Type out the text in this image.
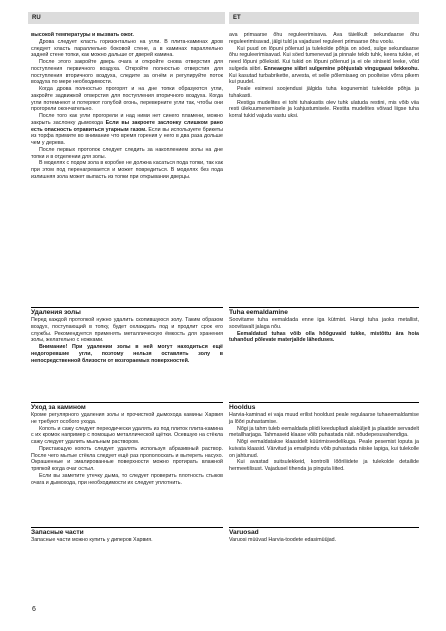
RU	ET

высокой температуры и вызвать ожог.

Дрова следует класть горизонтально на угли. В плита-каминах дров следует класть параллельно боковой стене, а в каминах параллельно задней стене топки, как можно дальше от дверей камина.

После этого закройте дверь очага и откройте снова отверстия для поступления первичного воздуха. Откройте полностью отверстия для поступления вторичного воздуха, следите за огнём и регулируйте поток воздуха по мере необходимости.

Когда дрова полностью прогорят и на дне топки образуются угли, закройте задвижкой отверстия для поступления вторичного воздуха. Когда угли потемнеют и потеряют голубой огонь, переверните угли так, чтобы они прогорели окончательно.

После того как угли прогорели и над ними нет синего пламени, можно закрыть заслонку дымохода Если вы закроете заслонку слишком рано есть опасность отравиться угарным газом. Если вы используете брикеты из торфа примите во внимание что время горения у него в два раза дольше чем у дерева.

После первых протопок следует следить за накоплением золы на дне топки и в отделении для золы.

В моделях с подом зола в коробке не должна касаться пода топки, так как при этом под перенагревается и может повредиться. В моделях без пода излишняя зола может выпасть из топки при открывании дверцы.

ava primaarse õhu reguleerimisava. Ava täielikult sekundaarse õhu reguleerimisavad, jälgi tuld ja vajadusel reguleeri primaarse õhu voolu.

Kui puud on lõpuni põlenud ja tulekolde põhja on söed, sulge sekundaarse õhu reguleerimisavad. Kui söed tumenevad ja pinnale tekib tuhk, keera tukke, et need lõpuni põleksid. Kui tukid on lõpuni põlenud ja ei ole siniseid leeke, võid sulgeda siibri. Enneaegne siibri sulgemine põhjustab vingugaasi tekkeohu. Kui kasutad turbabrikette, arvesta, et selle põlemisaeg on poolteise võrra pikem kui puudel.

Peale esimesi soojendusi jälgida tuha kogunemist tulekolde põhja ja tuhakasti.

Restiga mudelites ei tohi tuhakastis olev tuhk ulatuda restini, mis võib viia resti ülekuumenemisele ja kahjustumisele. Restita mudelites võivad liigse tuha korral tukid vajuda vastu uksi.

Удаления золы

Перед каждой протопкой нужно удалить скопившуюся золу. Таким образом воздух, поступающий в топку, будет охлаждать под и продлит срок его службы. Рекомендуется применять металлическую ёмкость для хранения золы, желательно с ножками.

Внимание! При удалении золы в ней могут находиться ещё недогоревшие угли, поэтому нельзя оставлять золу в непосредственной близости от возгораемых поверхностей.

Tuha eemaldamine

Soovitame tuha eemaldada enne iga kütmist. Hangi tuha jaoks metallist, soovitavalt jalaga nõu.

Eemaldatud tuhas võib olla hõõguvaid tukke, mistõttu ära hoia tuhanõud põlevate materjalide läheduses.

Уход за камином

Кроме регулярного удаления золы и прочисткой дымохода камины Харвия не требуют особого ухода.

Копоть и сажу следует переодически удалять из под плиток плита-камина с их кромок например с помощью металлической щётки. Осевшую на стёкла сажу следует удалить мыльным раствором.

Пристающую копоть следует удалять используя абразивный раствор. После чего мытые стёкла следует ещё раз прополоскать и вытереть насухо. Окрашенные и эмалированные поверхности можно протирать влажной тряпкой когда очаг остыл.

Если вы заметите утечку дыма, то следует проверить плотность стыков очага и дымохода, при необходимости их следует уплотнить.

Hooldus

Harvia-kaminad ei vaja muud erilist hooldust peale regulaarse tuhaeemaldamise ja lõõri puhastamise.

Nõgi ja tahm tuleb eemaldada pliidi keedupliadi alaküljelt ja plaatide servadelt metallharjaga. Tahmaseid klaase võib puhastada näit. nõudepesuvahendiga.

Nõgi eemaldatakse klaasidelt küürimisvedelikuga. Peale pesemist loputa ja kuivata klaasid. Värvitud ja emailpindu võib puhastada niiske lapiga, kui tulekolle on jahtunud.

Kui avastad suitsulekkeid, kontrolli lõõriliidete ja tulekolde detailide hermeetilisust. Vajadusel tihenda ja pinguta liited.

Запасные части

Запасные части можно купить у диперов Харвия.

Varuosad

Varuosi müüvad Harvia-toodete edasimüüjad.

6
